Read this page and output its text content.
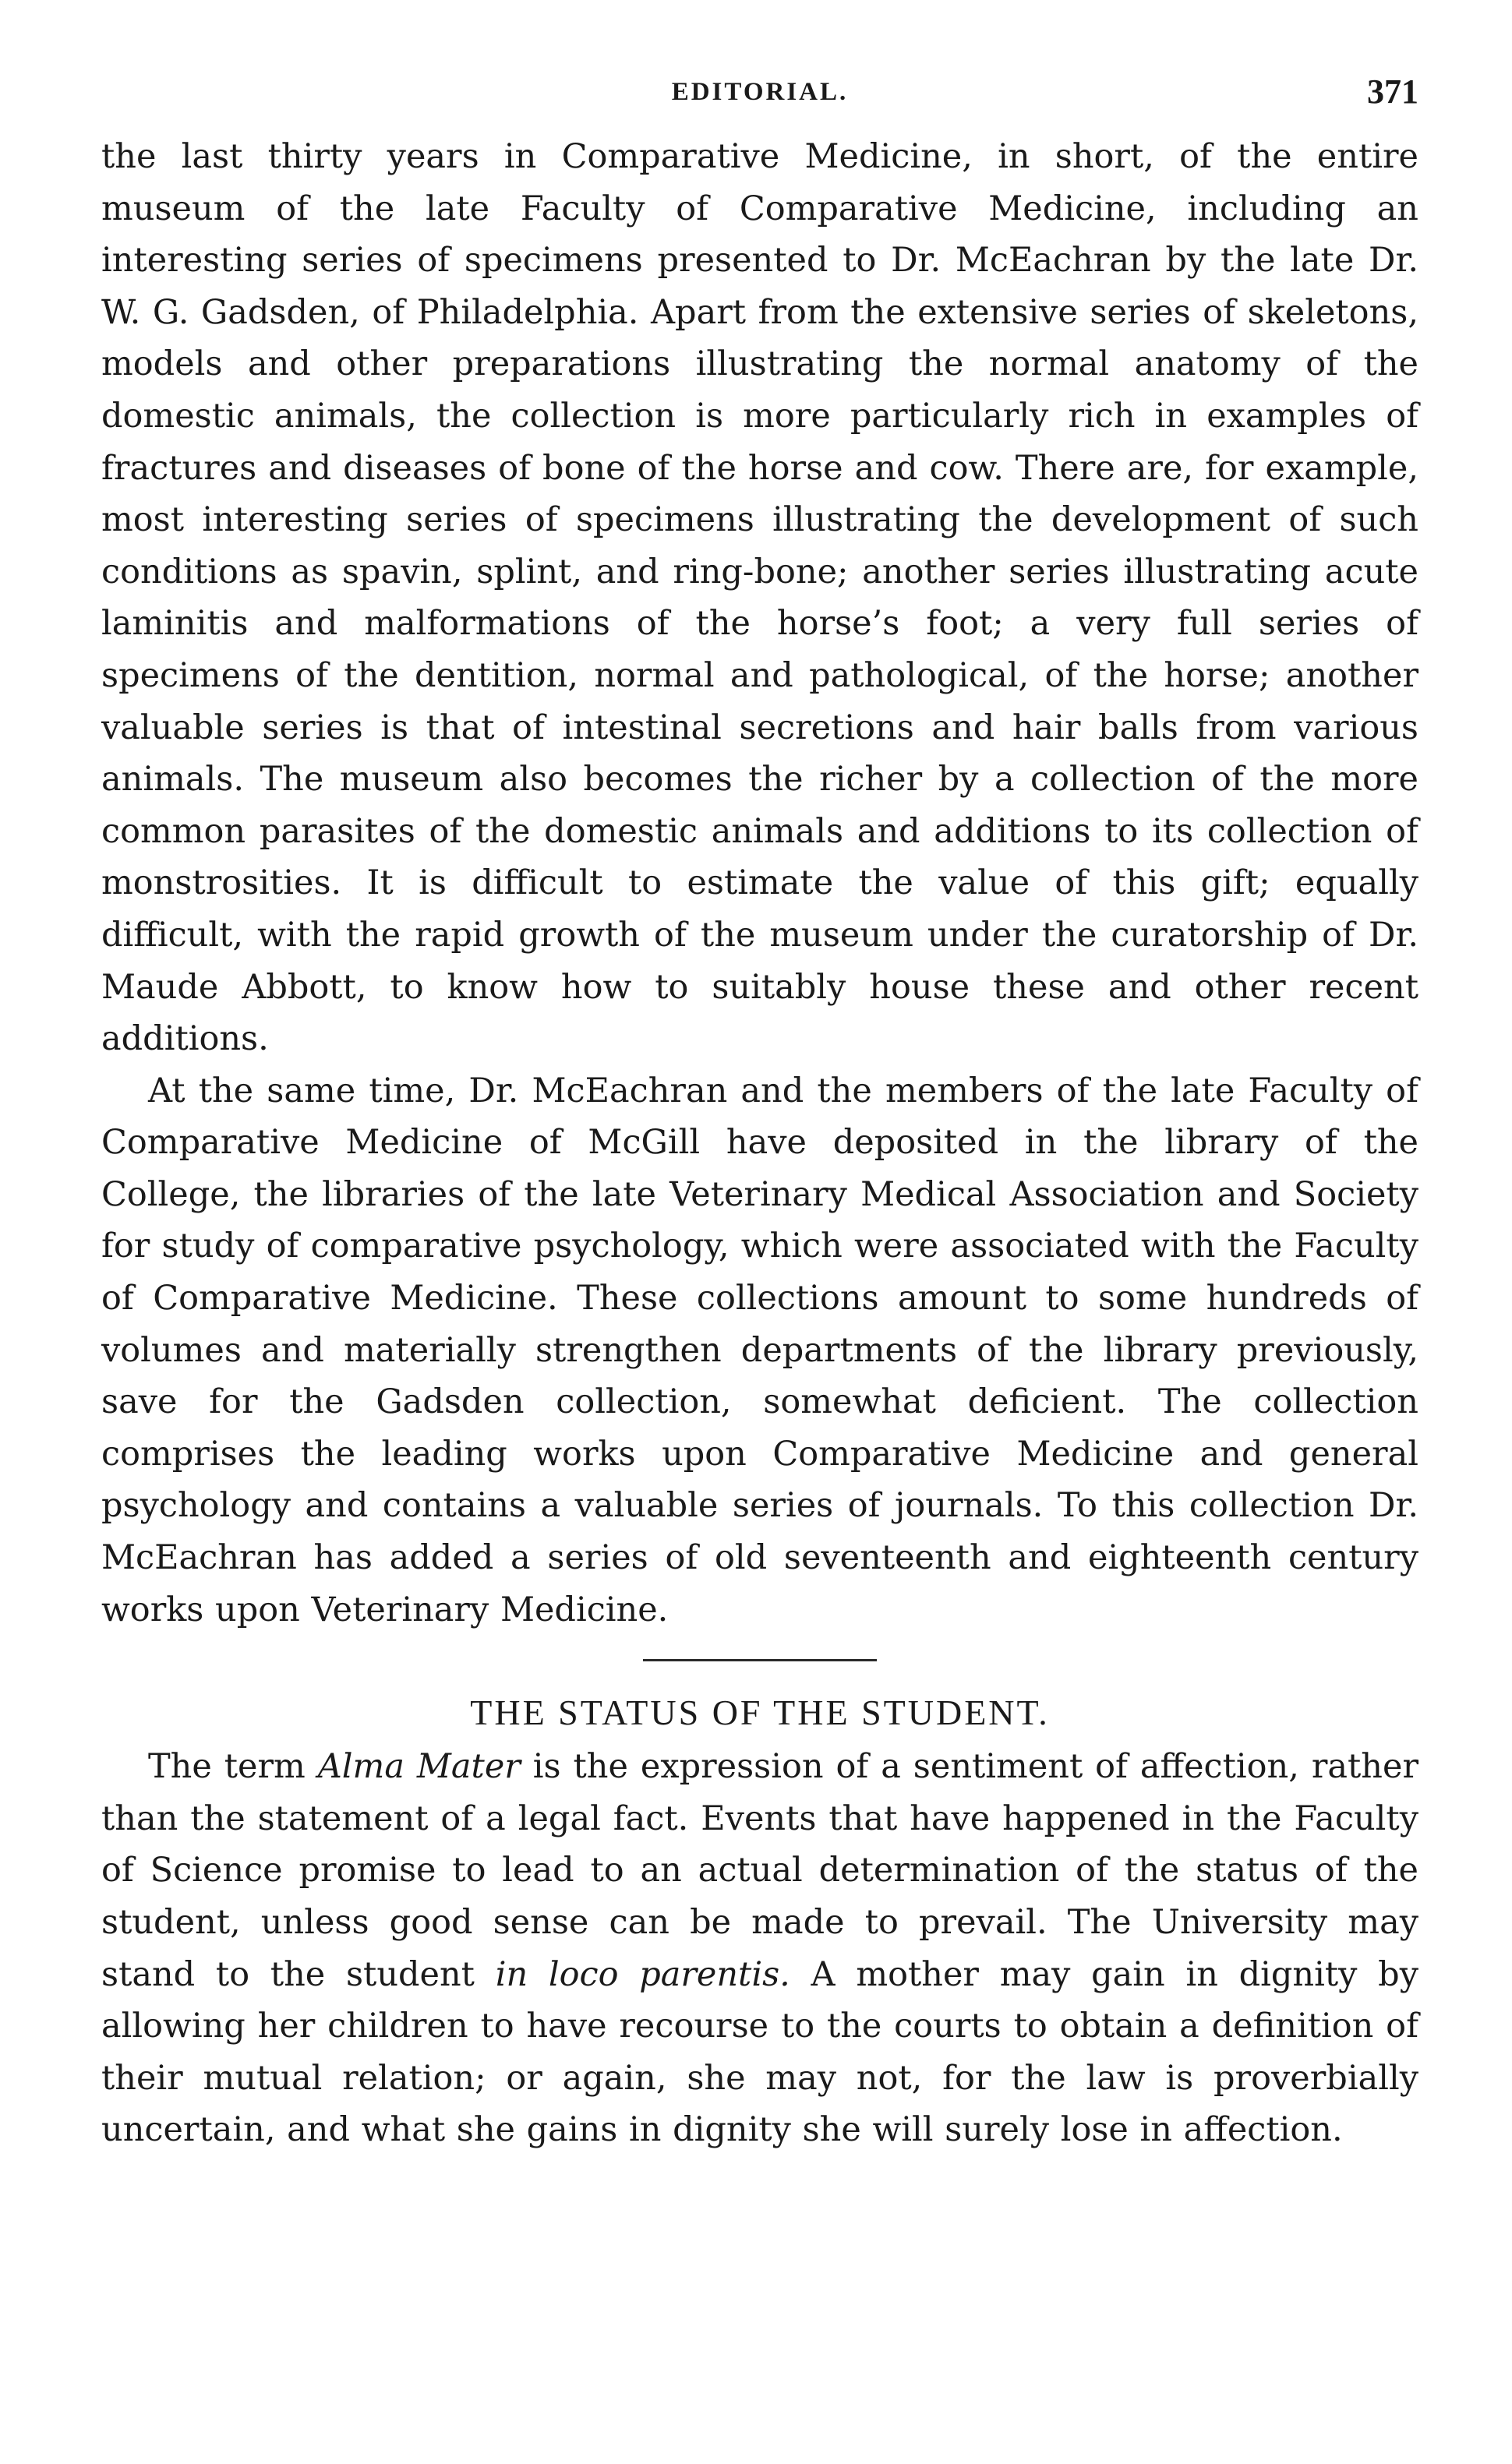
EDITORIAL.	371

the last thirty years in Comparative Medicine, in short, of the entire museum of the late Faculty of Comparative Medicine, including an interesting series of specimens presented to Dr. McEachran by the late Dr. W. G. Gadsden, of Philadelphia. Apart from the extensive series of skeletons, models and other preparations illustrating the normal anatomy of the domestic animals, the collection is more particularly rich in examples of fractures and diseases of bone of the horse and cow. There are, for example, most interesting series of specimens illustrating the development of such conditions as spavin, splint, and ring-bone; another series illustrating acute laminitis and malformations of the horse’s foot; a very full series of specimens of the dentition, normal and pathological, of the horse; another valuable series is that of intestinal secretions and hair balls from various animals. The museum also becomes the richer by a collection of the more common parasites of the domestic animals and additions to its collection of monstrosities. It is difficult to estimate the value of this gift; equally difficult, with the rapid growth of the museum under the curatorship of Dr. Maude Abbott, to know how to suitably house these and other recent additions.

At the same time, Dr. McEachran and the members of the late Faculty of Comparative Medicine of McGill have deposited in the library of the College, the libraries of the late Veterinary Medical Association and Society for study of comparative psychology, which were associated with the Faculty of Comparative Medicine. These collections amount to some hundreds of volumes and materially strengthen departments of the library previously, save for the Gadsden collection, somewhat deficient. The collection comprises the leading works upon Comparative Medicine and general psychology and contains a valuable series of journals. To this collection Dr. McEachran has added a series of old seventeenth and eighteenth century works upon Veterinary Medicine.

THE STATUS OF THE STUDENT.

The term Alma Mater is the expression of a sentiment of affection, rather than the statement of a legal fact. Events that have happened in the Faculty of Science promise to lead to an actual determination of the status of the student, unless good sense can be made to prevail. The University may stand to the student in loco parentis. A mother may gain in dignity by allowing her children to have recourse to the courts to obtain a definition of their mutual relation; or again, she may not, for the law is proverbially uncertain, and what she gains in dignity she will surely lose in affection.
